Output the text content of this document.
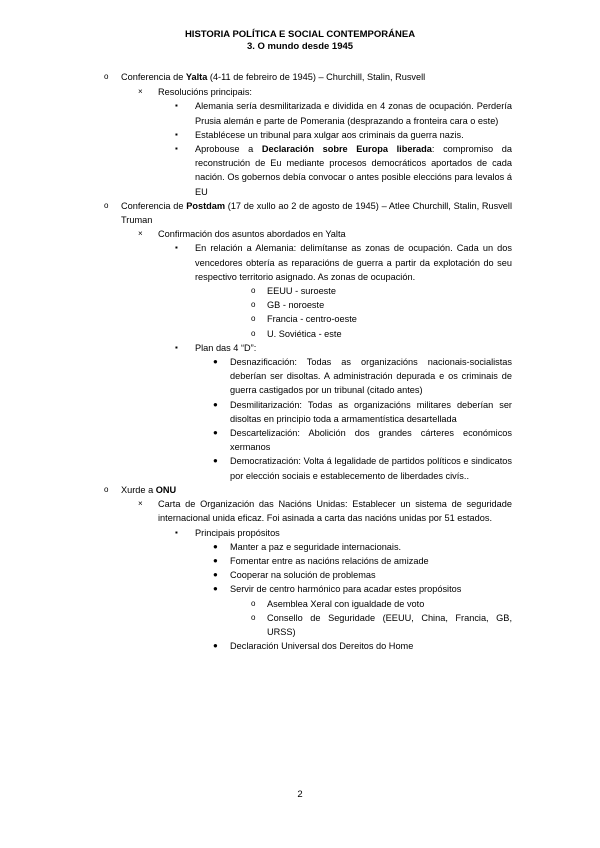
HISTORIA POLÍTICA E SOCIAL CONTEMPORÁNEA
3. O mundo desde 1945
o Conferencia de Yalta (4-11 de febreiro de 1945) – Churchill, Stalin, Rusvell
× Resolucións principais:
▪ Alemania sería desmilitarizada e dividida en 4 zonas de ocupación. Perdería Prusia alemán e parte de Pomerania (desprazando a fronteira cara o este)
▪ Establécese un tribunal para xulgar aos criminais da guerra nazis.
▪ Aprobouse a Declaración sobre Europa liberada: compromiso da reconstrución de Eu mediante procesos democráticos aportados de cada nación. Os gobernos debía convocar o antes posible eleccións para levalos á EU
o Conferencia de Postdam (17 de xullo ao 2 de agosto de 1945) – Atlee Churchill, Stalin, Rusvell Truman
× Confirmación dos asuntos abordados en Yalta
▪ En relación a Alemania: delimítanse as zonas de ocupación. Cada un dos vencedores obtería as reparacións de guerra a partir da explotación do seu respectivo territorio asignado. As zonas de ocupación.
o EEUU - suroeste
o GB - noroeste
o Francia - centro-oeste
o U. Soviética - este
▪ Plan das 4 “D”:
● Desnazificación: Todas as organizacións nacionais-socialistas deberían ser disoltas. A administración depurada e os criminais de guerra castigados por un tribunal (citado antes)
● Desmilitarización: Todas as organizacións militares deberían ser disoltas en principio toda a armamentística desartellada
● Descartelización: Abolición dos grandes cárteres económicos xermanos
● Democratización: Volta á legalidade de partidos políticos e sindicatos por elección sociais e establecemento de liberdades civís..
o Xurde a ONU
× Carta de Organización das Nacións Unidas: Establecer un sistema de seguridade internacional unida eficaz. Foi asinada a carta das nacións unidas por 51 estados.
▪ Principais propósitos
● Manter a paz e seguridade internacionais.
● Fomentar entre as nacións relacións de amizade
● Cooperar na solución de problemas
● Servir de centro harmónico para acadar estes propósitos
o Asemblea Xeral con igualdade de voto
o Consello de Seguridade (EEUU, China, Francia, GB, URSS)
● Declaración Universal dos Dereitos do Home
2
